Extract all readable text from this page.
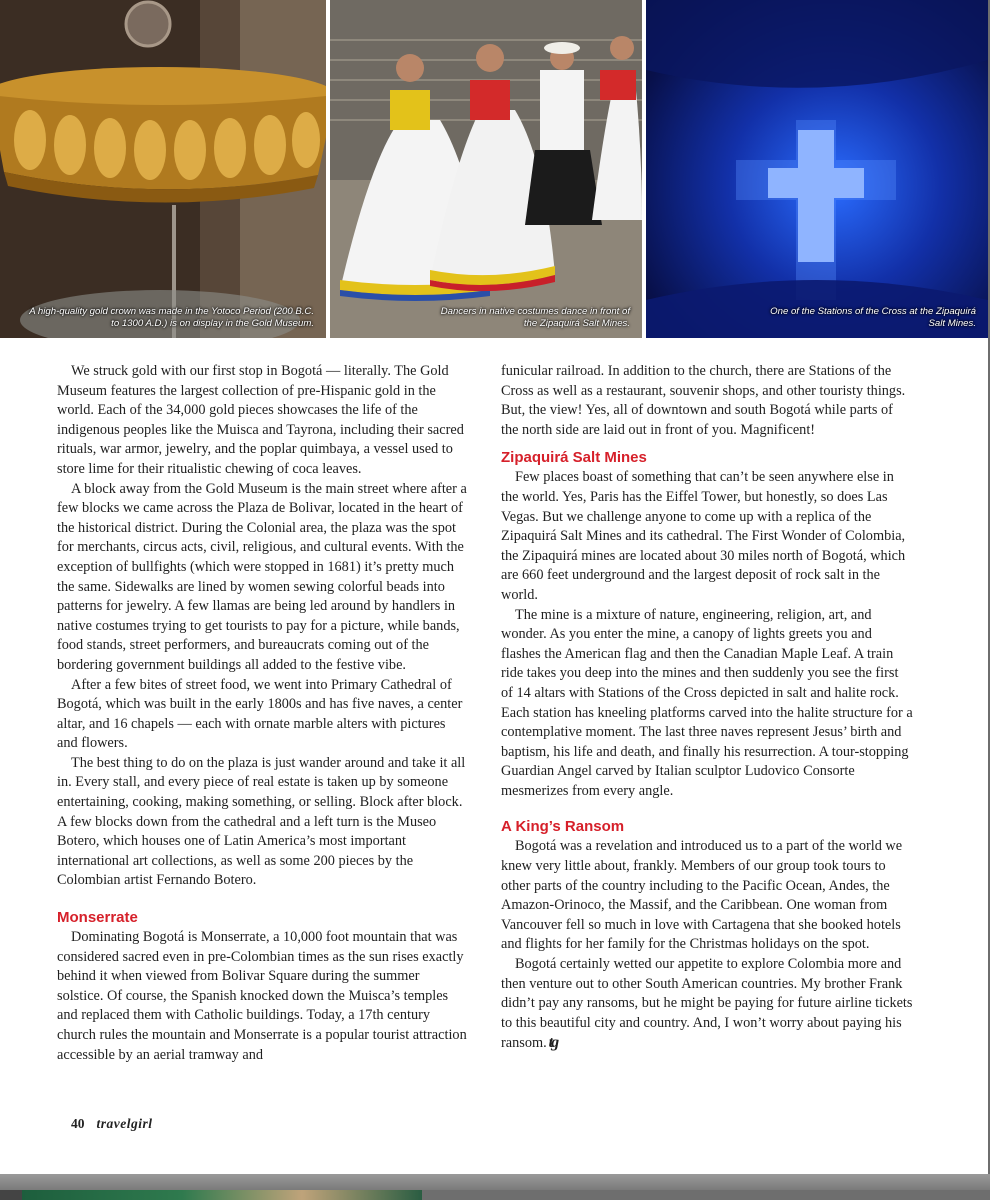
A high-quality gold crown was made in the Yotoco Period (200 B.C. to 1300 A.D.) is on display in the Gold Museum.
Dancers in native costumes dance in front of the Zipaquirá Salt Mines.
One of the Stations of the Cross at the Zipaquirá Salt Mines.

We struck gold with our first stop in Bogotá — literally. The Gold Museum features the largest collection of pre-Hispanic gold in the world. Each of the 34,000 gold pieces showcases the life of the indigenous peoples like the Muisca and Tayrona, including their sacred rituals, war armor, jewelry, and the poplar quimbaya, a vessel used to store lime for their ritualistic chewing of coca leaves.

A block away from the Gold Museum is the main street where after a few blocks we came across the Plaza de Bolivar, located in the heart of the historical district. During the Colonial area, the plaza was the spot for merchants, circus acts, civil, religious, and cultural events. With the exception of bullfights (which were stopped in 1681) it’s pretty much the same. Sidewalks are lined by women sewing colorful beads into patterns for jewelry. A few llamas are being led around by handlers in native costumes trying to get tourists to pay for a picture, while bands, food stands, street performers, and bureaucrats coming out of the bordering government buildings all added to the festive vibe.

After a few bites of street food, we went into Primary Cathedral of Bogotá, which was built in the early 1800s and has five naves, a center altar, and 16 chapels — each with ornate marble alters with pictures and flowers.

The best thing to do on the plaza is just wander around and take it all in. Every stall, and every piece of real estate is taken up by someone entertaining, cooking, making something, or selling. Block after block. A few blocks down from the cathedral and a left turn is the Museo Botero, which houses one of Latin America’s most important international art collections, as well as some 200 pieces by the Colombian artist Fernando Botero.

Monserrate

Dominating Bogotá is Monserrate, a 10,000 foot mountain that was considered sacred even in pre-Colombian times as the sun rises exactly behind it when viewed from Bolivar Square during the summer solstice. Of course, the Spanish knocked down the Muisca’s temples and replaced them with Catholic buildings. Today, a 17th century church rules the mountain and Monserrate is a popular tourist attraction accessible by an aerial tramway and

funicular railroad. In addition to the church, there are Stations of the Cross as well as a restaurant, souvenir shops, and other touristy things. But, the view! Yes, all of downtown and south Bogotá while parts of the north side are laid out in front of you. Magnificent!

Zipaquirá Salt Mines

Few places boast of something that can’t be seen anywhere else in the world. Yes, Paris has the Eiffel Tower, but honestly, so does Las Vegas. But we challenge anyone to come up with a replica of the Zipaquirá Salt Mines and its cathedral. The First Wonder of Colombia, the Zipaquirá mines are located about 30 miles north of Bogotá, which are 660 feet underground and the largest deposit of rock salt in the world.

The mine is a mixture of nature, engineering, religion, art, and wonder. As you enter the mine, a canopy of lights greets you and flashes the American flag and then the Canadian Maple Leaf. A train ride takes you deep into the mines and then suddenly you see the first of 14 altars with Stations of the Cross depicted in salt and halite rock. Each station has kneeling platforms carved into the halite structure for a contemplative moment. The last three naves represent Jesus’ birth and baptism, his life and death, and finally his resurrection. A tour-stopping Guardian Angel carved by Italian sculptor Ludovico Consorte mesmerizes from every angle.

A King’s Ransom

Bogotá was a revelation and introduced us to a part of the world we knew very little about, frankly. Members of our group took tours to other parts of the country including to the Pacific Ocean, Andes, the Amazon-Orinoco, the Massif, and the Caribbean. One woman from Vancouver fell so much in love with Cartagena that she booked hotels and flights for her family for the Christmas holidays on the spot.

Bogotá certainly wetted our appetite to explore Colombia more and then venture out to other South American countries. My brother Frank didn’t pay any ransoms, but he might be paying for future airline tickets to this beautiful city and country. And, I won’t worry about paying his ransom. tg

40 travelgirl
